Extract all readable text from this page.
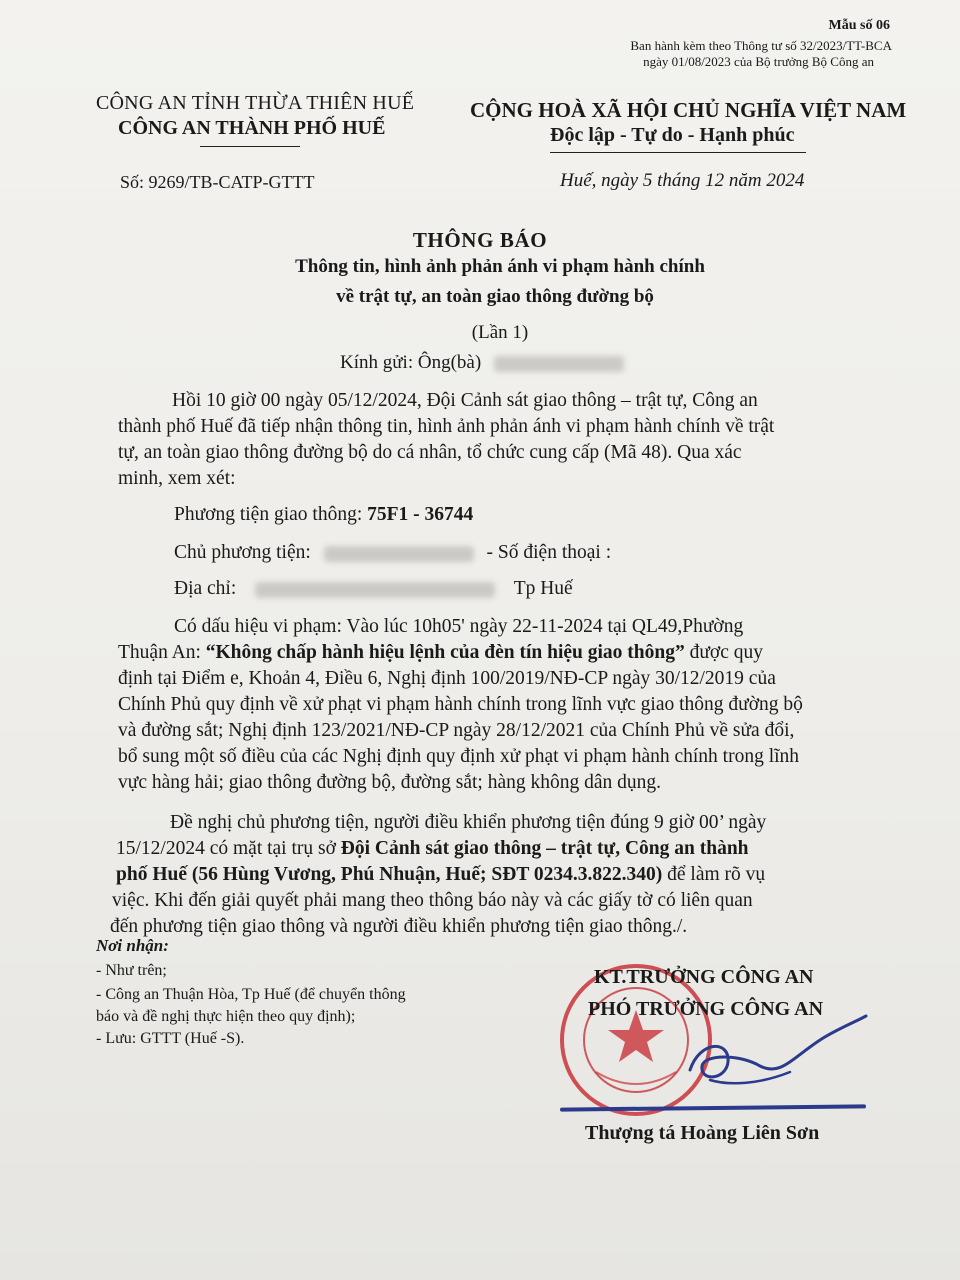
Mẫu số 06
Ban hành kèm theo Thông tư số 32/2023/TT-BCA
ngày 01/08/2023 của Bộ trưởng Bộ Công an
CÔNG AN TỈNH THỪA THIÊN HUẾ
CÔNG AN THÀNH PHỐ HUẾ
Số: 9269/TB-CATP-GTTT
CỘNG HOÀ XÃ HỘI CHỦ NGHĨA VIỆT NAM
Độc lập - Tự do - Hạnh phúc
Huế, ngày 5 tháng 12 năm 2024
THÔNG BÁO
Thông tin, hình ảnh phản ánh vi phạm hành chính
về trật tự, an toàn giao thông đường bộ
(Lần 1)
Kính gửi: Ông(bà)
Hồi 10 giờ 00 ngày 05/12/2024, Đội Cảnh sát giao thông – trật tự, Công an
thành phố Huế đã tiếp nhận thông tin, hình ảnh phản ánh vi phạm hành chính về trật
tự, an toàn giao thông đường bộ do cá nhân, tổ chức cung cấp (Mã 48). Qua xác
minh, xem xét:
Phương tiện giao thông: 75F1 - 36744
Chủ phương tiện:	- Số điện thoại :
Địa chỉ:	Tp Huế
Có dấu hiệu vi phạm: Vào lúc 10h05' ngày 22-11-2024 tại QL49,Phường
Thuận An: “Không chấp hành hiệu lệnh của đèn tín hiệu giao thông” được quy
định tại Điểm e, Khoản 4, Điều 6, Nghị định 100/2019/NĐ-CP ngày 30/12/2019 của
Chính Phủ quy định về xử phạt vi phạm hành chính trong lĩnh vực giao thông đường bộ
và đường sắt; Nghị định 123/2021/NĐ-CP ngày 28/12/2021 của Chính Phủ về sửa đổi,
bổ sung một số điều của các Nghị định quy định xử phạt vi phạm hành chính trong lĩnh
vực hàng hải; giao thông đường bộ, đường sắt; hàng không dân dụng.
Đề nghị chủ phương tiện, người điều khiển phương tiện đúng 9 giờ 00’ ngày
15/12/2024 có mặt tại trụ sở Đội Cảnh sát giao thông – trật tự, Công an thành
phố Huế (56 Hùng Vương, Phú Nhuận, Huế; SĐT 0234.3.822.340) để làm rõ vụ
việc. Khi đến giải quyết phải mang theo thông báo này và các giấy tờ có liên quan
đến phương tiện giao thông và người điều khiển phương tiện giao thông./.
Nơi nhận:
- Như trên;
- Công an Thuận Hòa, Tp Huế (để chuyển thông
báo và đề nghị thực hiện theo quy định);
- Lưu: GTTT (Huế -S).
KT.TRƯỞNG CÔNG AN
PHÓ TRƯỞNG CÔNG AN
Thượng tá Hoàng Liên Sơn
